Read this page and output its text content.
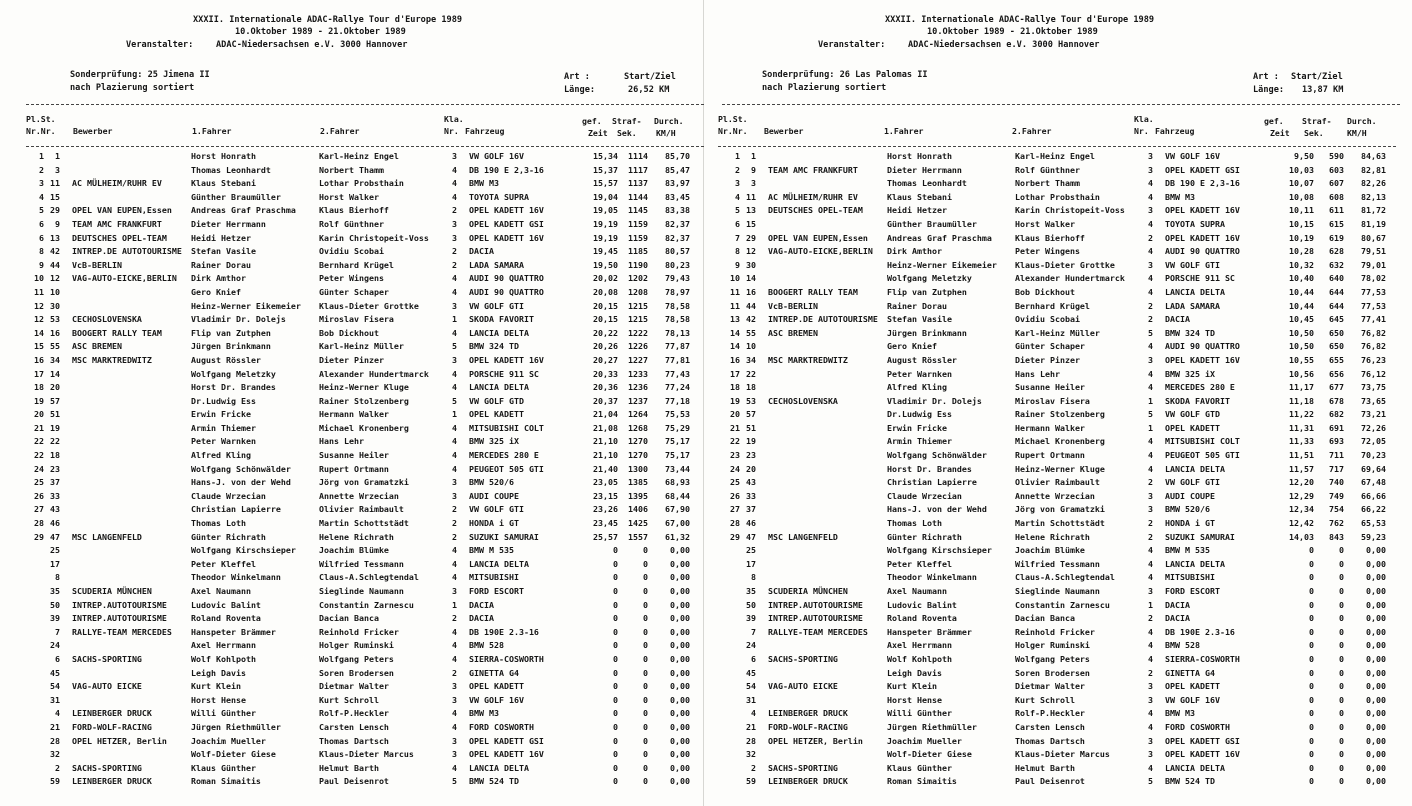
XXXII. Internationale ADAC-Rallye Tour d'Europe 1989
10.Oktober 1989 - 21.Oktober 1989
Veranstalter:	ADAC-Niedersachsen e.V. 3000 Hannover
Sonderprüfung: 25 Jimena II
nach Plazierung sortiert
Art :	Start/Ziel
Länge:	26,52 KM
Pl.St.
Nr.Nr. Bewerber	1.Fahrer	2.Fahrer
Kla.
Nr. Fahrzeug
gef.
Zeit
Straf-
Sek.
Durch.
KM/H
1	1	Horst Honrath	Karl-Heinz Engel	3	VW GOLF 16V	15,34	1114	85,70
2	3	Thomas Leonhardt	Norbert Thamm	4	DB 190 E 2,3-16	15,37	1117	85,47
3 11 AC MÜLHEIM/RUHR EV	Klaus Stebani	Lothar Probsthain	4	BMW M3	15,57	1137	83,97
4 15	Günther Braumüller	Horst Walker	4	TOYOTA SUPRA	19,04	1144	83,45
5 29 OPEL VAN EUPEN,Essen	Andreas Graf Praschma	Klaus Bierhoff	2	OPEL KADETT 16V	19,05	1145	83,38
6	9 TEAM AMC FRANKFURT	Dieter Herrmann	Rolf Günthner	3	OPEL KADETT GSI	19,19	1159	82,37
6 13 DEUTSCHES OPEL-TEAM	Heidi Hetzer	Karin Christopeit-Voss	3	OPEL KADETT 16V	19,19	1159	82,37
8 42 INTREP.DE AUTOTOURISME	Stefan Vasile	Ovidiu Scobai	2	DACIA	19,45	1185	80,57
9 44 VcB-BERLIN	Rainer Dorau	Bernhard Krügel	2	LADA SAMARA	19,50	1190	80,23
10 12 VAG-AUTO-EICKE,BERLIN	Dirk Amthor	Peter Wingens	4	AUDI 90 QUATTRO	20,02	1202	79,43
11 10	Gero Knief	Günter Schaper	4	AUDI 90 QUATTRO	20,08	1208	78,97
12 30	Heinz-Werner Eikemeier	Klaus-Dieter Grottke	3	VW GOLF GTI	20,15	1215	78,58
12 53 CECHOSLOVENSKA	Vladimir Dr. Dolejs	Miroslav Fisera	1	SKODA FAVORIT	20,15	1215	78,58
14 16 BOOGERT RALLY TEAM	Flip van Zutphen	Bob Dickhout	4	LANCIA DELTA	20,22	1222	78,13
15 55 ASC BREMEN	Jürgen Brinkmann	Karl-Heinz Müller	5	BMW 324 TD	20,26	1226	77,87
16 34 MSC MARKTREDWITZ	August Rössler	Dieter Pinzer	3	OPEL KADETT 16V	20,27	1227	77,81
17 14	Wolfgang Meletzky	Alexander Hundertmarck	4	PORSCHE 911 SC	20,33	1233	77,43
18 20	Horst Dr. Brandes	Heinz-Werner Kluge	4	LANCIA DELTA	20,36	1236	77,24
19 57	Dr.Ludwig Ess	Rainer Stolzenberg	5	VW GOLF GTD	20,37	1237	77,18
20 51	Erwin Fricke	Hermann Walker	1	OPEL KADETT	21,04	1264	75,53
21 19	Armin Thiemer	Michael Kronenberg	4	MITSUBISHI COLT	21,08	1268	75,29
22 22	Peter Warnken	Hans Lehr	4	BMW 325 iX	21,10	1270	75,17
22 18	Alfred Kling	Susanne Heiler	4	MERCEDES 280 E	21,10	1270	75,17
24 23	Wolfgang Schönwälder	Rupert Ortmann	4	PEUGEOT 505 GTI	21,40	1300	73,44
25 37	Hans-J. von der Wehd	Jörg von Gramatzki	3	BMW 520/6	23,05	1385	68,93
26 33	Claude Wrzecian	Annette Wrzecian	3	AUDI COUPE	23,15	1395	68,44
27 43	Christian Lapierre	Olivier Raimbault	2	VW GOLF GTI	23,26	1406	67,90
28 46	Thomas Loth	Martin Schottstädt	2	HONDA i GT	23,45	1425	67,00
29 47 MSC LANGENFELD	Günter Richrath	Helene Richrath	2	SUZUKI SAMURAI	25,57	1557	61,32
25	Wolfgang Kirschsieper	Joachim Blümke	4	BMW M 535	0	0	0,00
17	Peter Kleffel	Wilfried Tessmann	4	LANCIA DELTA	0	0	0,00
8	Theodor Winkelmann	Claus-A.Schlegtendal	4	MITSUBISHI	0	0	0,00
35 SCUDERIA MÜNCHEN	Axel Naumann	Sieglinde Naumann	3	FORD ESCORT	0	0	0,00
50 INTREP.AUTOTOURISME	Ludovic Balint	Constantin Zarnescu	1	DACIA	0	0	0,00
39 INTREP.AUTOTOURISME	Roland Roventa	Dacian Banca	2	DACIA	0	0	0,00
7 RALLYE-TEAM MERCEDES	Hanspeter Brämmer	Reinhold Fricker	4	DB 190E 2.3-16	0	0	0,00
24	Axel Herrmann	Holger Ruminski	4	BMW 528	0	0	0,00
6 SACHS-SPORTING	Wolf Kohlpoth	Wolfgang Peters	4	SIERRA-COSWORTH	0	0	0,00
45	Leigh Davis	Soren Brodersen	2	GINETTA G4	0	0	0,00
54 VAG-AUTO EICKE	Kurt Klein	Dietmar Walter	3	OPEL KADETT	0	0	0,00
31	Horst Hense	Kurt Schroll	3	VW GOLF 16V	0	0	0,00
4 LEINBERGER DRUCK	Willi Günther	Rolf-P.Heckler	4	BMW M3	0	0	0,00
21 FORD-WOLF-RACING	Jürgen Riethmüller	Carsten Lensch	4	FORD COSWORTH	0	0	0,00
28 OPEL HETZER, Berlin	Joachim Mueller	Thomas Dartsch	3	OPEL KADETT GSI	0	0	0,00
32	Wolf-Dieter Giese	Klaus-Dieter Marcus	3	OPEL KADETT 16V	0	0	0,00
2 SACHS-SPORTING	Klaus Günther	Helmut Barth	4	LANCIA DELTA	0	0	0,00
59 LEINBERGER DRUCK	Roman Simaitis	Paul Deisenrot	5	BMW 524 TD	0	0	0,00
XXXII. Internationale ADAC-Rallye Tour d'Europe 1989
10.Oktober 1989 - 21.Oktober 1989
Veranstalter:	ADAC-Niedersachsen e.V. 3000 Hannover
Sonderprüfung: 26 Las Palomas II
nach Plazierung sortiert
Art : Start/Ziel
Länge: 13,87 KM
Pl.St.
Nr.Nr. Bewerber	1.Fahrer	2.Fahrer
Kla.
Nr. Fahrzeug
gef.
Zeit
Straf-
Sek.
Durch.
KM/H
1	1	Horst Honrath	Karl-Heinz Engel	3	VW GOLF 16V	9,50	590	84,63
2	9 TEAM AMC FRANKFURT	Dieter Herrmann	Rolf Günthner	3	OPEL KADETT GSI	10,03	603	82,81
3	3	Thomas Leonhardt	Norbert Thamm	4	DB 190 E 2,3-16	10,07	607	82,26
4 11 AC MÜLHEIM/RUHR EV	Klaus Stebani	Lothar Probsthain	4	BMW M3	10,08	608	82,13
5 13 DEUTSCHES OPEL-TEAM	Heidi Hetzer	Karin Christopeit-Voss	3	OPEL KADETT 16V	10,11	611	81,72
6 15	Günther Braumüller	Horst Walker	4	TOYOTA SUPRA	10,15	615	81,19
7 29 OPEL VAN EUPEN,Essen	Andreas Graf Praschma	Klaus Bierhoff	2	OPEL KADETT 16V	10,19	619	80,67
8 12 VAG-AUTO-EICKE,BERLIN	Dirk Amthor	Peter Wingens	4	AUDI 90 QUATTRO	10,28	628	79,51
9 30	Heinz-Werner Eikemeier	Klaus-Dieter Grottke	3	VW GOLF GTI	10,32	632	79,01
10 14	Wolfgang Meletzky	Alexander Hundertmarck	4	PORSCHE 911 SC	10,40	640	78,02
11 16 BOOGERT RALLY TEAM	Flip van Zutphen	Bob Dickhout	4	LANCIA DELTA	10,44	644	77,53
11 44 VcB-BERLIN	Rainer Dorau	Bernhard Krügel	2	LADA SAMARA	10,44	644	77,53
13 42 INTREP.DE AUTOTOURISME	Stefan Vasile	Ovidiu Scobai	2	DACIA	10,45	645	77,41
14 55 ASC BREMEN	Jürgen Brinkmann	Karl-Heinz Müller	5	BMW 324 TD	10,50	650	76,82
14 10	Gero Knief	Günter Schaper	4	AUDI 90 QUATTRO	10,50	650	76,82
16 34 MSC MARKTREDWITZ	August Rössler	Dieter Pinzer	3	OPEL KADETT 16V	10,55	655	76,23
17 22	Peter Warnken	Hans Lehr	4	BMW 325 iX	10,56	656	76,12
18 18	Alfred Kling	Susanne Heiler	4	MERCEDES 280 E	11,17	677	73,75
19 53 CECHOSLOVENSKA	Vladimir Dr. Dolejs	Miroslav Fisera	1	SKODA FAVORIT	11,18	678	73,65
20 57	Dr.Ludwig Ess	Rainer Stolzenberg	5	VW GOLF GTD	11,22	682	73,21
21 51	Erwin Fricke	Hermann Walker	1	OPEL KADETT	11,31	691	72,26
22 19	Armin Thiemer	Michael Kronenberg	4	MITSUBISHI COLT	11,33	693	72,05
23 23	Wolfgang Schönwälder	Rupert Ortmann	4	PEUGEOT 505 GTI	11,51	711	70,23
24 20	Horst Dr. Brandes	Heinz-Werner Kluge	4	LANCIA DELTA	11,57	717	69,64
25 43	Christian Lapierre	Olivier Raimbault	2	VW GOLF GTI	12,20	740	67,48
26 33	Claude Wrzecian	Annette Wrzecian	3	AUDI COUPE	12,29	749	66,66
27 37	Hans-J. von der Wehd	Jörg von Gramatzki	3	BMW 520/6	12,34	754	66,22
28 46	Thomas Loth	Martin Schottstädt	2	HONDA i GT	12,42	762	65,53
29 47 MSC LANGENFELD	Günter Richrath	Helene Richrath	2	SUZUKI SAMURAI	14,03	843	59,23
25	Wolfgang Kirschsieper	Joachim Blümke	4	BMW M 535	0	0	0,00
17	Peter Kleffel	Wilfried Tessmann	4	LANCIA DELTA	0	0	0,00
8	Theodor Winkelmann	Claus-A.Schlegtendal	4	MITSUBISHI	0	0	0,00
35 SCUDERIA MÜNCHEN	Axel Naumann	Sieglinde Naumann	3	FORD ESCORT	0	0	0,00
50 INTREP.AUTOTOURISME	Ludovic Balint	Constantin Zarnescu	1	DACIA	0	0	0,00
39 INTREP.AUTOTOURISME	Roland Roventa	Dacian Banca	2	DACIA	0	0	0,00
7 RALLYE-TEAM MERCEDES	Hanspeter Brämmer	Reinhold Fricker	4	DB 190E 2.3-16	0	0	0,00
24	Axel Herrmann	Holger Ruminski	4	BMW 528	0	0	0,00
6 SACHS-SPORTING	Wolf Kohlpoth	Wolfgang Peters	4	SIERRA-COSWORTH	0	0	0,00
45	Leigh Davis	Soren Brodersen	2	GINETTA G4	0	0	0,00
54 VAG-AUTO EICKE	Kurt Klein	Dietmar Walter	3	OPEL KADETT	0	0	0,00
31	Horst Hense	Kurt Schroll	3	VW GOLF 16V	0	0	0,00
4 LEINBERGER DRUCK	Willi Günther	Rolf-P.Heckler	4	BMW M3	0	0	0,00
21 FORD-WOLF-RACING	Jürgen Riethmüller	Carsten Lensch	4	FORD COSWORTH	0	0	0,00
28 OPEL HETZER, Berlin	Joachim Mueller	Thomas Dartsch	3	OPEL KADETT GSI	0	0	0,00
32	Wolf-Dieter Giese	Klaus-Dieter Marcus	3	OPEL KADETT 16V	0	0	0,00
2 SACHS-SPORTING	Klaus Günther	Helmut Barth	4	LANCIA DELTA	0	0	0,00
59 LEINBERGER DRUCK	Roman Simaitis	Paul Deisenrot	5	BMW 524 TD	0	0	0,00
